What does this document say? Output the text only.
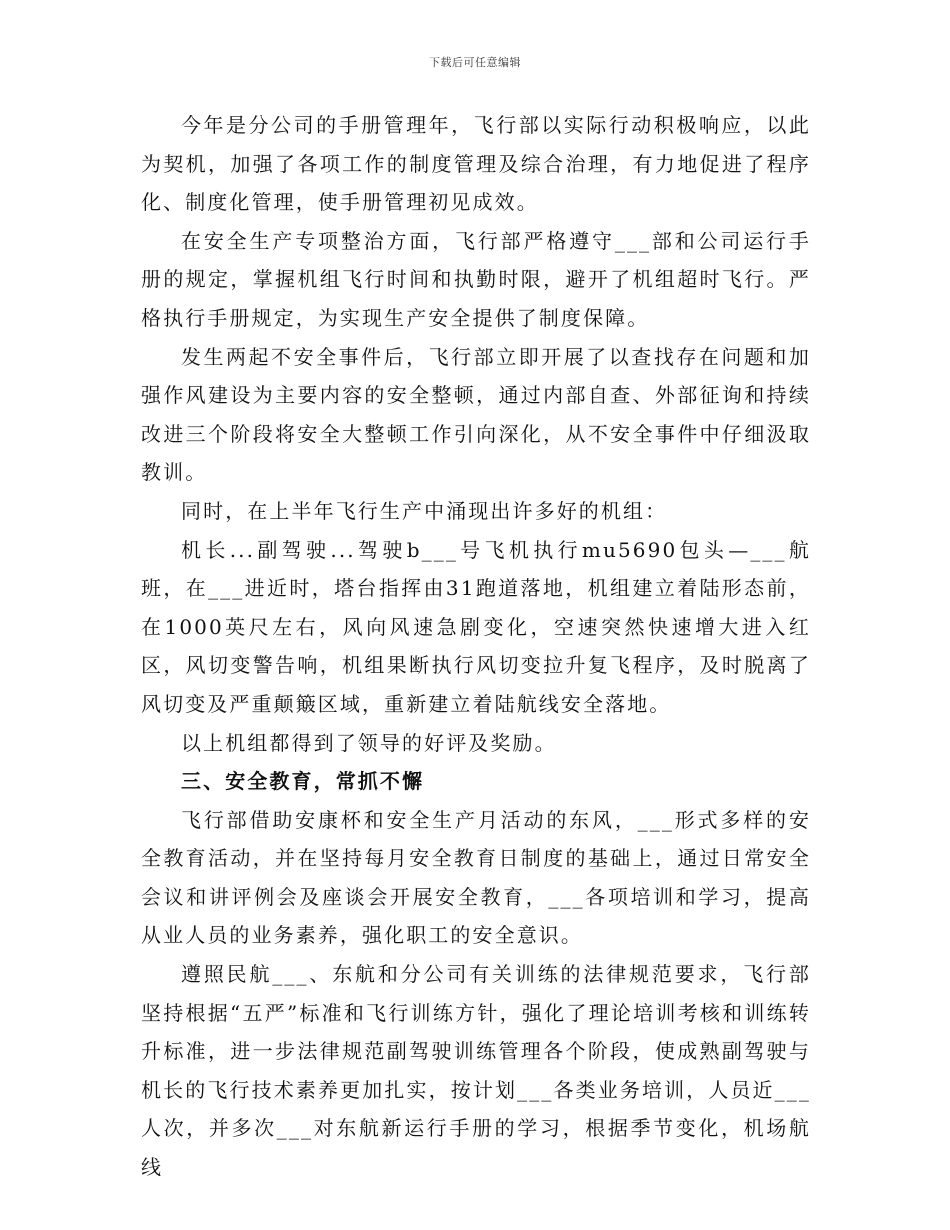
下载后可任意编辑

今年是分公司的手册管理年，飞行部以实际行动积极响应，以此为契机，加强了各项工作的制度管理及综合治理，有力地促进了程序化、制度化管理，使手册管理初见成效。

在安全生产专项整治方面，飞行部严格遵守___部和公司运行手册的规定，掌握机组飞行时间和执勤时限，避开了机组超时飞行。严格执行手册规定，为实现生产安全提供了制度保障。

发生两起不安全事件后，飞行部立即开展了以查找存在问题和加强作风建设为主要内容的安全整顿，通过内部自查、外部征询和持续改进三个阶段将安全大整顿工作引向深化，从不安全事件中仔细汲取教训。

同时，在上半年飞行生产中涌现出许多好的机组：

机长...副驾驶...驾驶b___号飞机执行mu5690包头—___航班，在___进近时，塔台指挥由31跑道落地，机组建立着陆形态前，在1000英尺左右，风向风速急剧变化，空速突然快速增大进入红区，风切变警告响，机组果断执行风切变拉升复飞程序，及时脱离了风切变及严重颠簸区域，重新建立着陆航线安全落地。

以上机组都得到了领导的好评及奖励。

三、安全教育，常抓不懈

飞行部借助安康杯和安全生产月活动的东风，___形式多样的安全教育活动，并在坚持每月安全教育日制度的基础上，通过日常安全会议和讲评例会及座谈会开展安全教育，___各项培训和学习，提高从业人员的业务素养，强化职工的安全意识。

遵照民航___、东航和分公司有关训练的法律规范要求，飞行部坚持根据“五严”标准和飞行训练方针，强化了理论培训考核和训练转升标准，进一步法律规范副驾驶训练管理各个阶段，使成熟副驾驶与机长的飞行技术素养更加扎实，按计划___各类业务培训，人员近___人次，并多次___对东航新运行手册的学习，根据季节变化，机场航线
